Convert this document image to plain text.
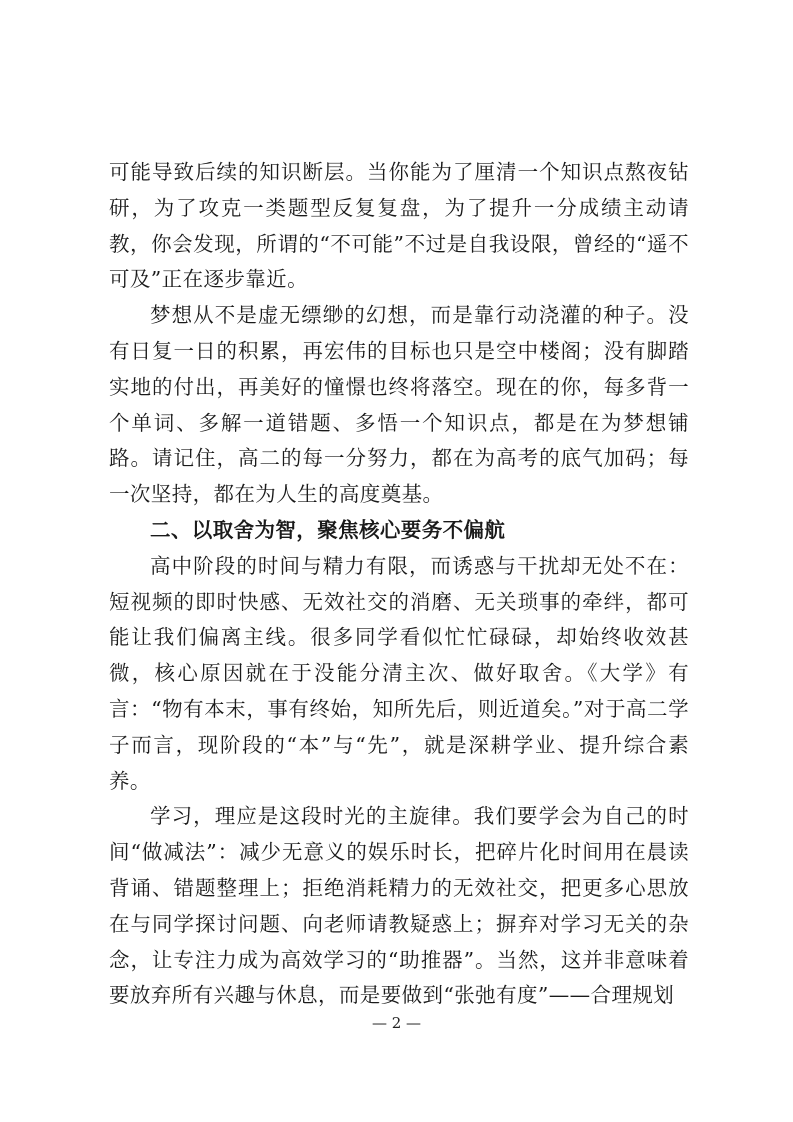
可能导致后续的知识断层。当你能为了厘清一个知识点熬夜钻研，为了攻克一类题型反复复盘，为了提升一分成绩主动请教，你会发现，所谓的“不可能”不过是自我设限，曾经的“遥不可及”正在逐步靠近。

梦想从不是虚无缥缈的幻想，而是靠行动浇灌的种子。没有日复一日的积累，再宏伟的目标也只是空中楼阁；没有脚踏实地的付出，再美好的憧憬也终将落空。现在的你，每多背一个单词、多解一道错题、多悟一个知识点，都是在为梦想铺路。请记住，高二的每一分努力，都在为高考的底气加码；每一次坚持，都在为人生的高度奠基。

二、以取舍为智，聚焦核心要务不偏航

高中阶段的时间与精力有限，而诱惑与干扰却无处不在：短视频的即时快感、无效社交的消磨、无关琐事的牵绊，都可能让我们偏离主线。很多同学看似忙忙碌碌，却始终收效甚微，核心原因就在于没能分清主次、做好取舍。《大学》有言：“物有本末，事有终始，知所先后，则近道矣。”对于高二学子而言，现阶段的“本”与“先”，就是深耕学业、提升综合素养。

学习，理应是这段时光的主旋律。我们要学会为自己的时间“做减法”：减少无意义的娱乐时长，把碎片化时间用在晨读背诵、错题整理上；拒绝消耗精力的无效社交，把更多心思放在与同学探讨问题、向老师请教疑惑上；摒弃对学习无关的杂念，让专注力成为高效学习的“助推器”。当然，这并非意味着要放弃所有兴趣与休息，而是要做到“张弛有度”——合理规划

— 2 —
